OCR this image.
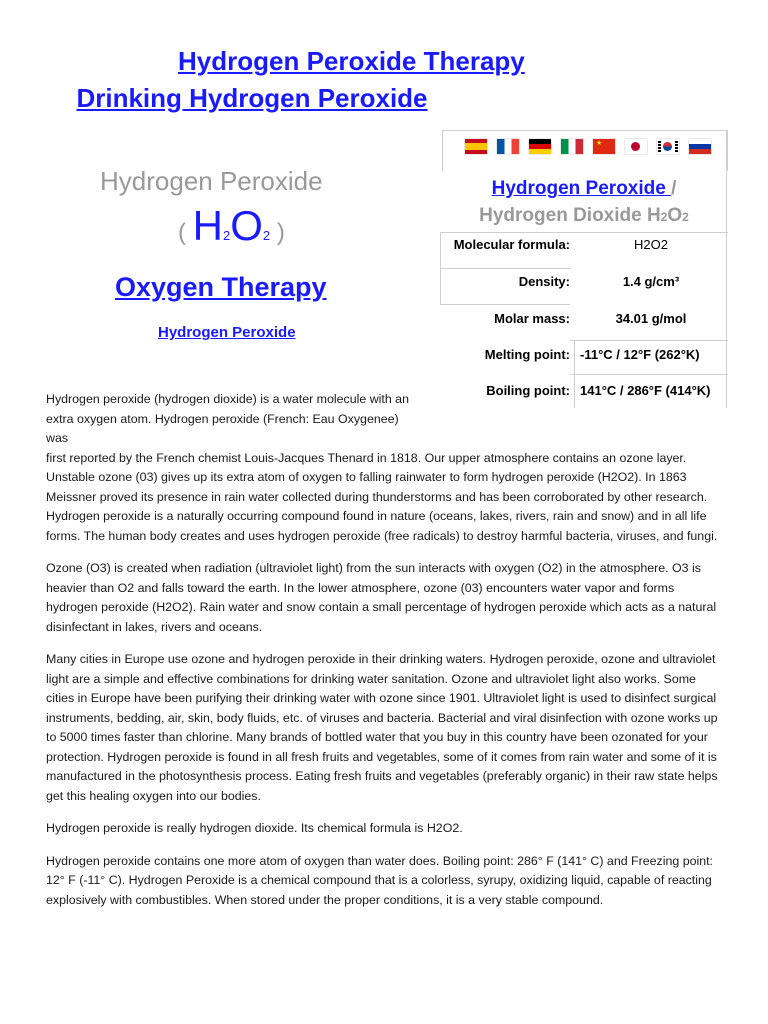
Hydrogen Peroxide Therapy
Drinking Hydrogen Peroxide
Hydrogen Peroxide
( H2O2 )
Oxygen Therapy
Hydrogen Peroxide
★
Hydrogen Peroxide /
Hydrogen Dioxide H2O2
Molecular formula:	H2O2
Density:	1.4 g/cm³
Molar mass:	34.01 g/mol
Melting point: -11°C / 12°F (262°K)
Boiling point: 141°C / 286°F (414°K)

Hydrogen peroxide (hydrogen dioxide) is a water molecule with an extra oxygen atom. Hydrogen peroxide (French: Eau Oxygenee) was

first reported by the French chemist Louis-Jacques Thenard in 1818. Our upper atmosphere contains an ozone layer. Unstable ozone (03) gives up its extra atom of oxygen to falling rainwater to form hydrogen peroxide (H2O2). In 1863 Meissner proved its presence in rain water collected during thunderstorms and has been corroborated by other research. Hydrogen peroxide is a naturally occurring compound found in nature (oceans, lakes, rivers, rain and snow) and in all life forms. The human body creates and uses hydrogen peroxide (free radicals) to destroy harmful bacteria, viruses, and fungi.

Ozone (O3) is created when radiation (ultraviolet light) from the sun interacts with oxygen (O2) in the atmosphere. O3 is heavier than O2 and falls toward the earth. In the lower atmosphere, ozone (03) encounters water vapor and forms hydrogen peroxide (H2O2). Rain water and snow contain a small percentage of hydrogen peroxide which acts as a natural disinfectant in lakes, rivers and oceans.

Many cities in Europe use ozone and hydrogen peroxide in their drinking waters. Hydrogen peroxide, ozone and ultraviolet light are a simple and effective combinations for drinking water sanitation. Ozone and ultraviolet light also works. Some cities in Europe have been purifying their drinking water with ozone since 1901. Ultraviolet light is used to disinfect surgical instruments, bedding, air, skin, body fluids, etc. of viruses and bacteria. Bacterial and viral disinfection with ozone works up to 5000 times faster than chlorine. Many brands of bottled water that you buy in this country have been ozonated for your protection. Hydrogen peroxide is found in all fresh fruits and vegetables, some of it comes from rain water and some of it is manufactured in the photosynthesis process. Eating fresh fruits and vegetables (preferably organic) in their raw state helps get this healing oxygen into our bodies.

Hydrogen peroxide is really hydrogen dioxide. Its chemical formula is H2O2.

Hydrogen peroxide contains one more atom of oxygen than water does. Boiling point: 286° F (141° C) and Freezing point: 12° F (-11° C). Hydrogen Peroxide is a chemical compound that is a colorless, syrupy, oxidizing liquid, capable of reacting explosively with combustibles. When stored under the proper conditions, it is a very stable compound.
